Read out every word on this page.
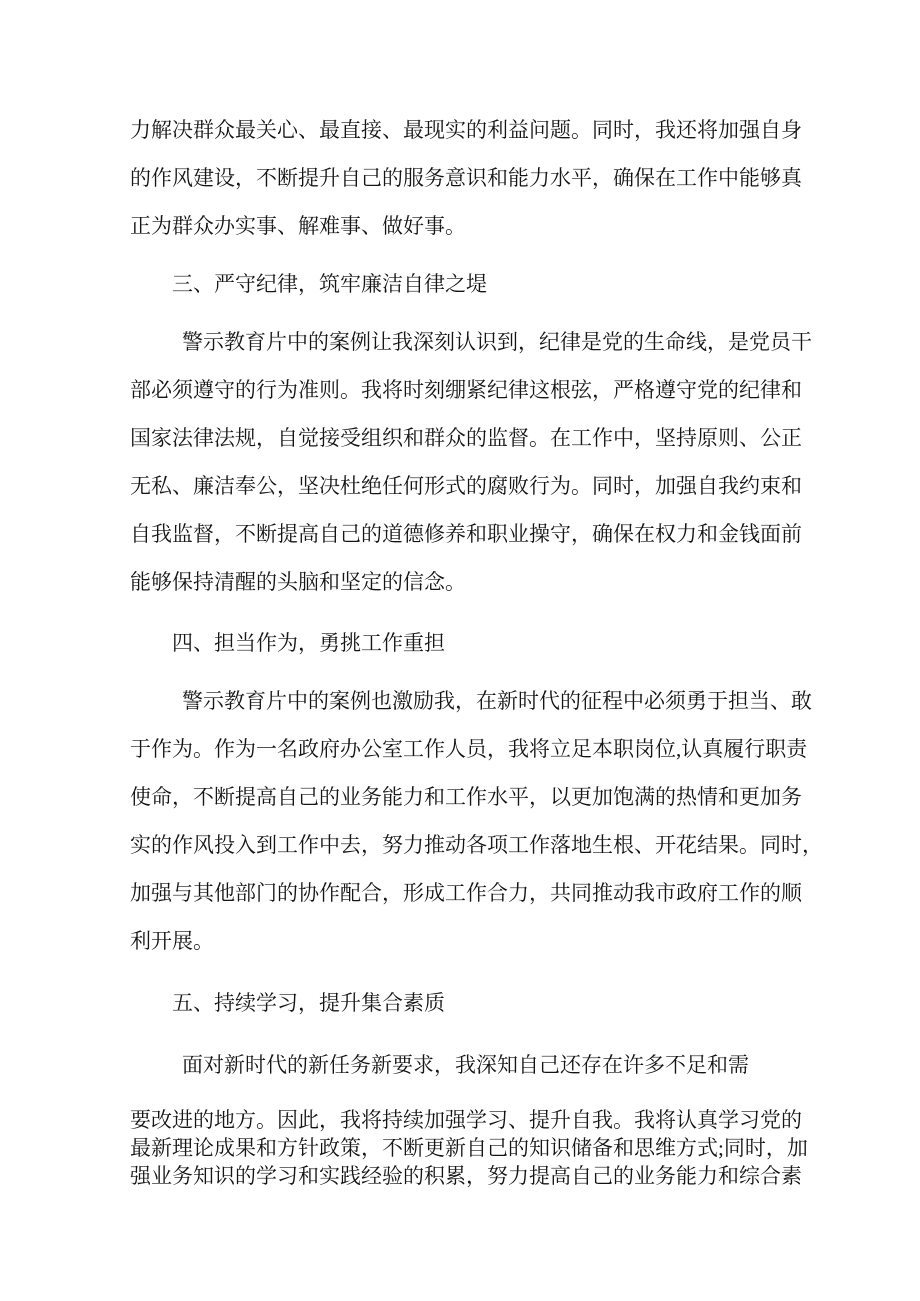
力解决群众最关心、最直接、最现实的利益问题。同时，我还将加强自身
的作风建设，不断提升自己的服务意识和能力水平，确保在工作中能够真
正为群众办实事、解难事、做好事。
三、严守纪律，筑牢廉洁自律之堤
警示教育片中的案例让我深刻认识到，纪律是党的生命线，是党员干
部必须遵守的行为准则。我将时刻绷紧纪律这根弦，严格遵守党的纪律和
国家法律法规，自觉接受组织和群众的监督。在工作中，坚持原则、公正
无私、廉洁奉公，坚决杜绝任何形式的腐败行为。同时，加强自我约束和
自我监督，不断提高自己的道德修养和职业操守，确保在权力和金钱面前
能够保持清醒的头脑和坚定的信念。
四、担当作为，勇挑工作重担
警示教育片中的案例也激励我，在新时代的征程中必须勇于担当、敢
于作为。作为一名政府办公室工作人员，我将立足本职岗位,认真履行职责
使命，不断提高自己的业务能力和工作水平，以更加饱满的热情和更加务
实的作风投入到工作中去，努力推动各项工作落地生根、开花结果。同时，
加强与其他部门的协作配合，形成工作合力，共同推动我市政府工作的顺
利开展。
五、持续学习，提升集合素质
面对新时代的新任务新要求，我深知自己还存在许多不足和需
要改进的地方。因此，我将持续加强学习、提升自我。我将认真学习党的
最新理论成果和方针政策，不断更新自己的知识储备和思维方式;同时，加
强业务知识的学习和实践经验的积累，努力提高自己的业务能力和综合素
